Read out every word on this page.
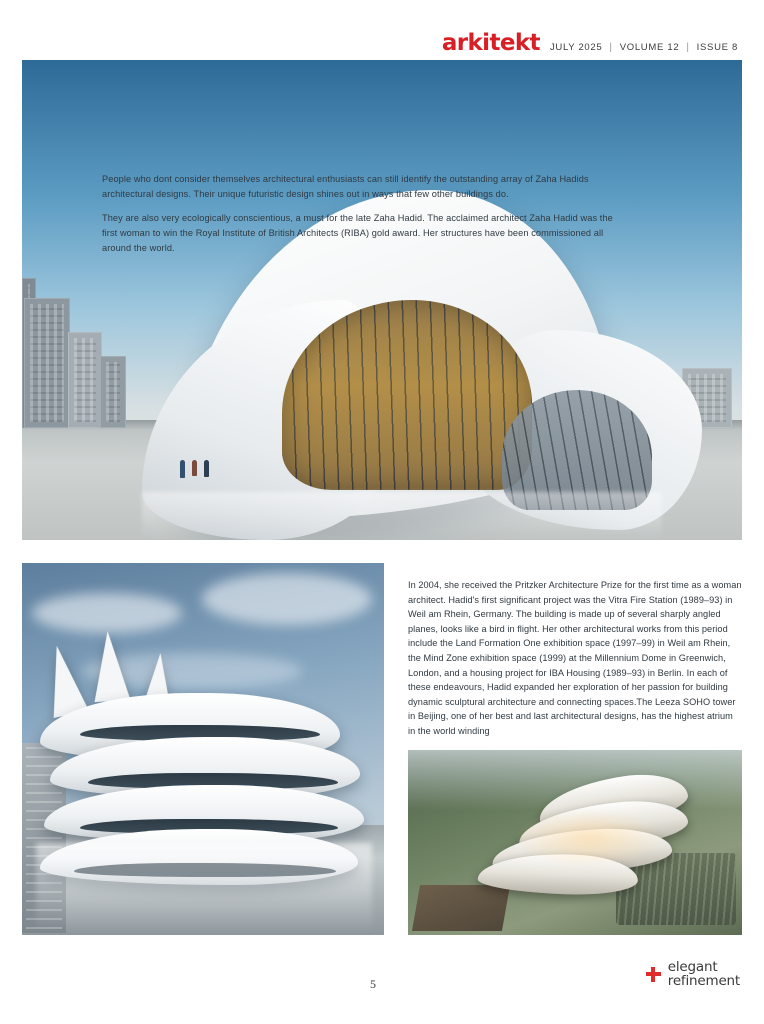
arkitekt JULY 2025 | VOLUME 12 | ISSUE 8

People who dont consider themselves architectural enthusiasts can still identify the outstanding array of Zaha Hadids architectural designs. Their unique futuristic design shines out in ways that few other buildings do.

They are also very ecologically conscientious, a must for the late Zaha Hadid. The acclaimed architect Zaha Hadid was the first woman to win the Royal Institute of British Architects (RIBA) gold award. Her structures have been commissioned all around the world.

In 2004, she received the Pritzker Architecture Prize for the first time as a woman architect. Hadid's first significant project was the Vitra Fire Station (1989–93) in Weil am Rhein, Germany. The building is made up of several sharply angled planes, looks like a bird in flight. Her other architectural works from this period include the Land Formation One exhibition space (1997–99) in Weil am Rhein, the Mind Zone exhibition space (1999) at the Millennium Dome in Greenwich, London, and a housing project for IBA Housing (1989–93) in Berlin. In each of these endeavours, Hadid expanded her exploration of her passion for building dynamic sculptural architecture and connecting spaces.The Leeza SOHO tower in Beijing, one of her best and last architectural designs, has the highest atrium in the world winding

5
elegant
refinement
